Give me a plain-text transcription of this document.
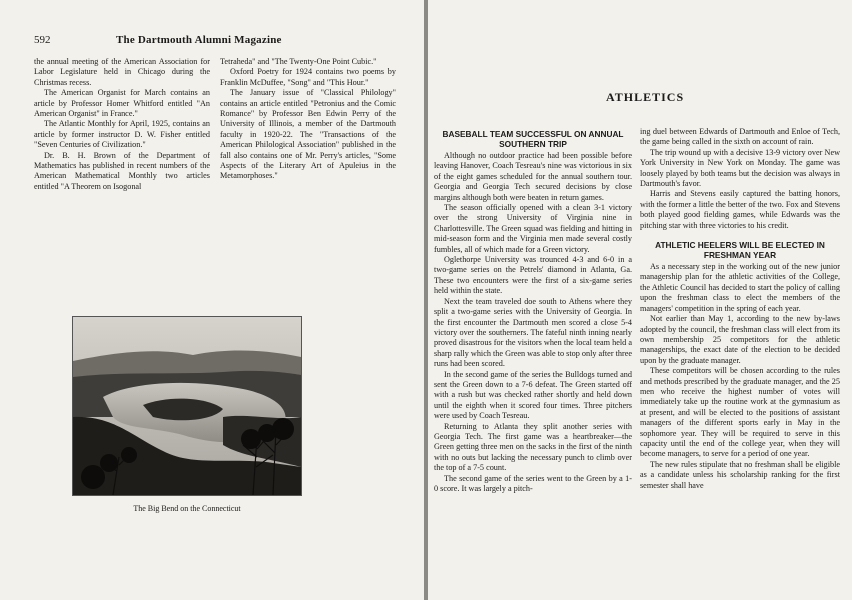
592	The Dartmouth Alumni Magazine

the annual meeting of the American Association for Labor Legislature held in Chicago during the Christmas recess.

The American Organist for March contains an article by Professor Homer Whitford entitled "An American Organist" in France."

The Atlantic Monthly for April, 1925, contains an article by former instructor D. W. Fisher entitled "Seven Centuries of Civilization."

Dr. B. H. Brown of the Department of Mathematics has published in recent numbers of the American Mathematical Monthly two articles entitled "A Theorem on Isogonal

Tetraheda" and "The Twenty-One Point Cubic."

Oxford Poetry for 1924 contains two poems by Franklin McDuffee, "Song" and "This Hour."

The January issue of "Classical Philology" contains an article entitled "Petronius and the Comic Romance" by Professor Ben Edwin Perry of the University of Illinois, a member of the Dartmouth faculty in 1920-22. The "Transactions of the American Philological Association" published in the fall also contains one of Mr. Perry's articles, "Some Aspects of the Literary Art of Apuleius in the Metamorphoses."

The Big Bend on the Connecticut
ATHLETICS
BASEBALL TEAM SUCCESSFUL ON ANNUAL SOUTHERN TRIP

Although no outdoor practice had been possible before leaving Hanover, Coach Tesreau's nine was victorious in six of the eight games scheduled for the annual southern tour. Georgia and Georgia Tech secured decisions by close margins although both were beaten in return games.

The season officially opened with a clean 3-1 victory over the strong University of Virginia nine in Charlottesville. The Green squad was fielding and hitting in mid-season form and the Virginia men made several costly fumbles, all of which made for a Green victory.

Oglethorpe University was trounced 4-3 and 6-0 in a two-game series on the Petrels' diamond in Atlanta, Ga. These two encounters were the first of a six-game series held within the state.

Next the team traveled doe south to Athens where they split a two-game series with the University of Georgia. In the first encounter the Dartmouth men scored a close 5-4 victory over the southerners. The fateful ninth inning nearly proved disastrous for the visitors when the local team held a sharp rally which the Green was able to stop only after three runs had been scored.

In the second game of the series the Bulldogs turned and sent the Green down to a 7-6 defeat. The Green started off with a rush but was checked rather shortly and held down until the eighth when it scored four times. Three pitchers were used by Coach Tesreau.

Returning to Atlanta they split another series with Georgia Tech. The first game was a heartbreaker—the Green getting three men on the sacks in the first of the ninth with no outs but lacking the necessary punch to climb over the top of a 7-5 count.

The second game of the series went to the Green by a 1-0 score. It was largely a pitch-

ing duel between Edwards of Dartmouth and Enloe of Tech, the game being called in the sixth on account of rain.

The trip wound up with a decisive 13-9 victory over New York University in New York on Monday. The game was loosely played by both teams but the decision was always in Dartmouth's favor.

Harris and Stevens easily captured the batting honors, with the former a little the better of the two. Fox and Stevens both played good fielding games, while Edwards was the pitching star with three victories to his credit.

ATHLETIC HEELERS WILL BE ELECTED IN FRESHMAN YEAR

As a necessary step in the working out of the new junior managership plan for the athletic activities of the College, the Athletic Council has decided to start the policy of calling upon the freshman class to elect the members of the managers' competition in the spring of each year.

Not earlier than May 1, according to the new by-laws adopted by the council, the freshman class will elect from its own membership 25 competitors for the athletic managerships, the exact date of the election to be decided upon by the graduate manager.

These competitors will be chosen according to the rules and methods prescribed by the graduate manager, and the 25 men who receive the highest number of votes will immediately take up the routine work at the gymnasium as at present, and will be elected to the positions of assistant managers of the different sports early in May in the sophomore year. They will be required to serve in this capacity until the end of the college year, when they will become managers, to serve for a period of one year.

The new rules stipulate that no freshman shall be eligible as a candidate unless his scholarship ranking for the first semester shall have
